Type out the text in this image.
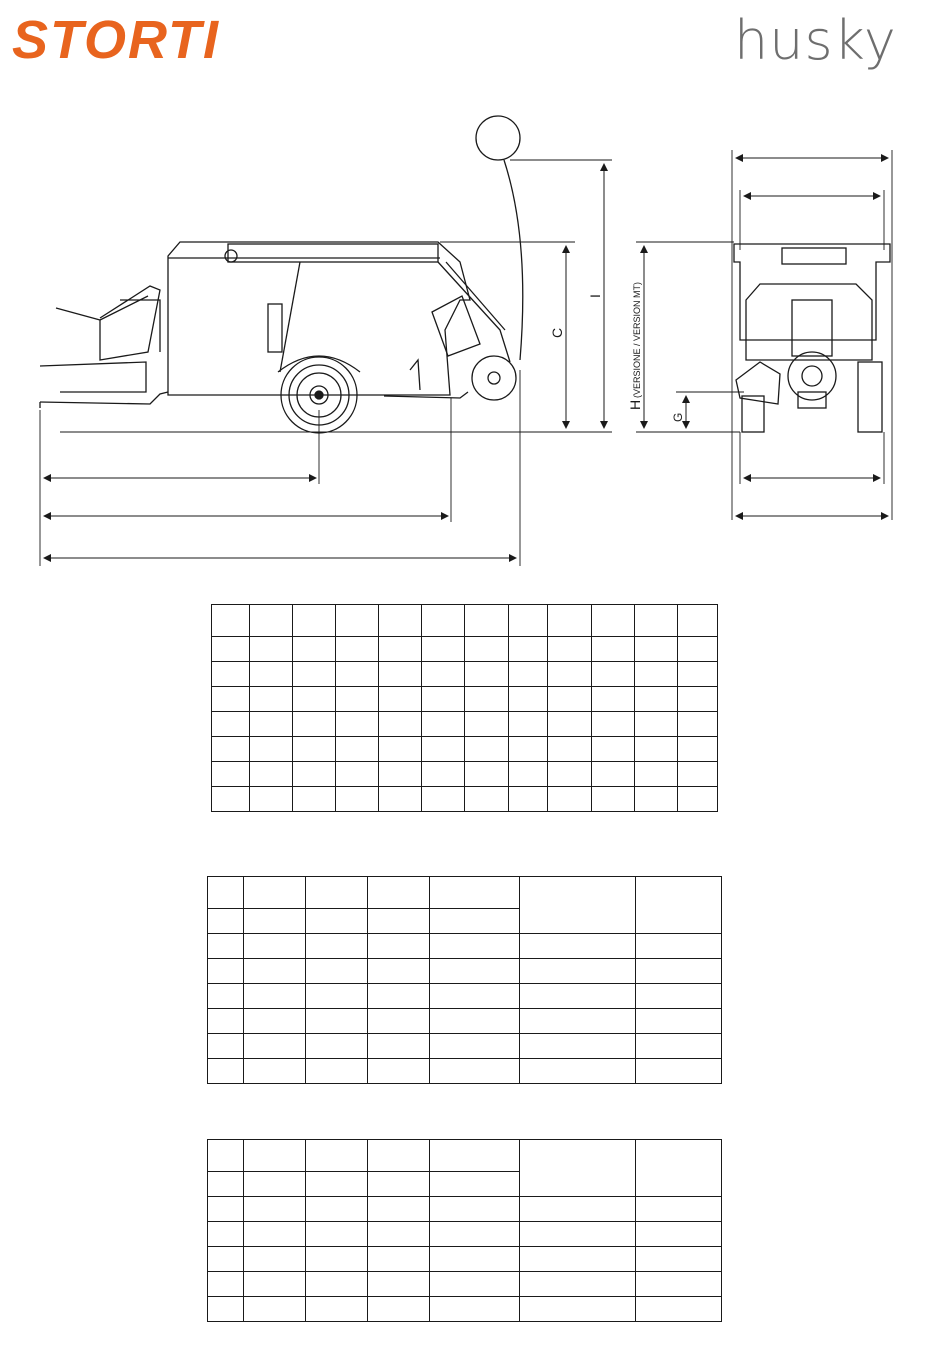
STORTI	husky
C
I
H
(VERSIONE / VERSION MT)
G
